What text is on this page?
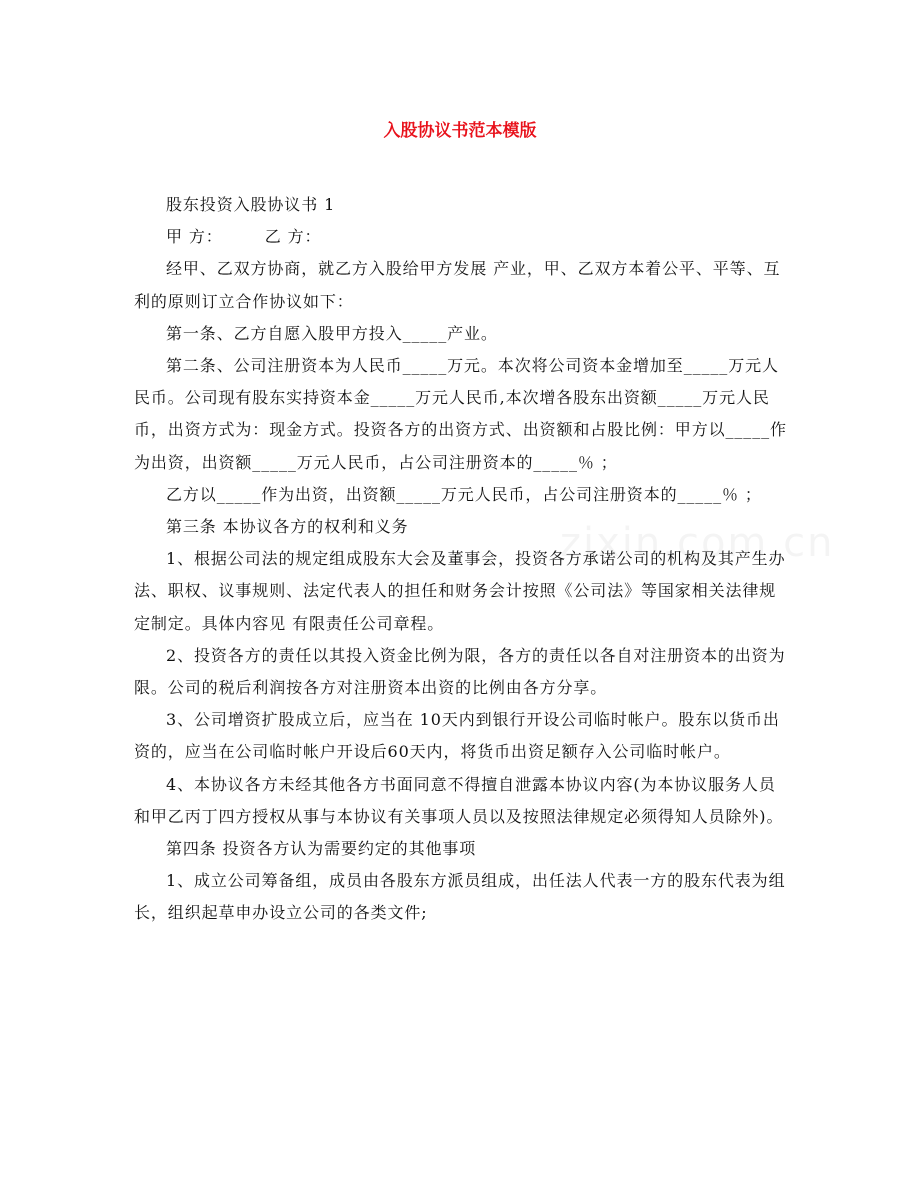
入股协议书范本模版

股东投资入股协议书 1

甲 方：	乙 方：

经甲、乙双方协商，就乙方入股给甲方发展 产业，甲、乙双方本着公平、平等、互利的原则订立合作协议如下：

第一条、乙方自愿入股甲方投入_____产业。

第二条、公司注册资本为人民币_____万元。本次将公司资本金增加至_____万元人民币。公司现有股东实持资本金_____万元人民币,本次增各股东出资额_____万元人民币，出资方式为：现金方式。投资各方的出资方式、出资额和占股比例：甲方以_____作为出资，出资额_____万元人民币，占公司注册资本的_____％ ；

乙方以_____作为出资，出资额_____万元人民币，占公司注册资本的_____％ ；

第三条 本协议各方的权利和义务

1、根据公司法的规定组成股东大会及董事会，投资各方承诺公司的机构及其产生办法、职权、议事规则、法定代表人的担任和财务会计按照《公司法》等国家相关法律规定制定。具体内容见 有限责任公司章程。

2、投资各方的责任以其投入资金比例为限，各方的责任以各自对注册资本的出资为限。公司的税后利润按各方对注册资本出资的比例由各方分享。

3、公司增资扩股成立后，应当在 10天内到银行开设公司临时帐户。股东以货币出资的，应当在公司临时帐户开设后60天内，将货币出资足额存入公司临时帐户。

4、本协议各方未经其他各方书面同意不得擅自泄露本协议内容(为本协议服务人员和甲乙丙丁四方授权从事与本协议有关事项人员以及按照法律规定必须得知人员除外)。

第四条 投资各方认为需要约定的其他事项

1、成立公司筹备组，成员由各股东方派员组成，出任法人代表一方的股东代表为组长，组织起草申办设立公司的各类文件;
